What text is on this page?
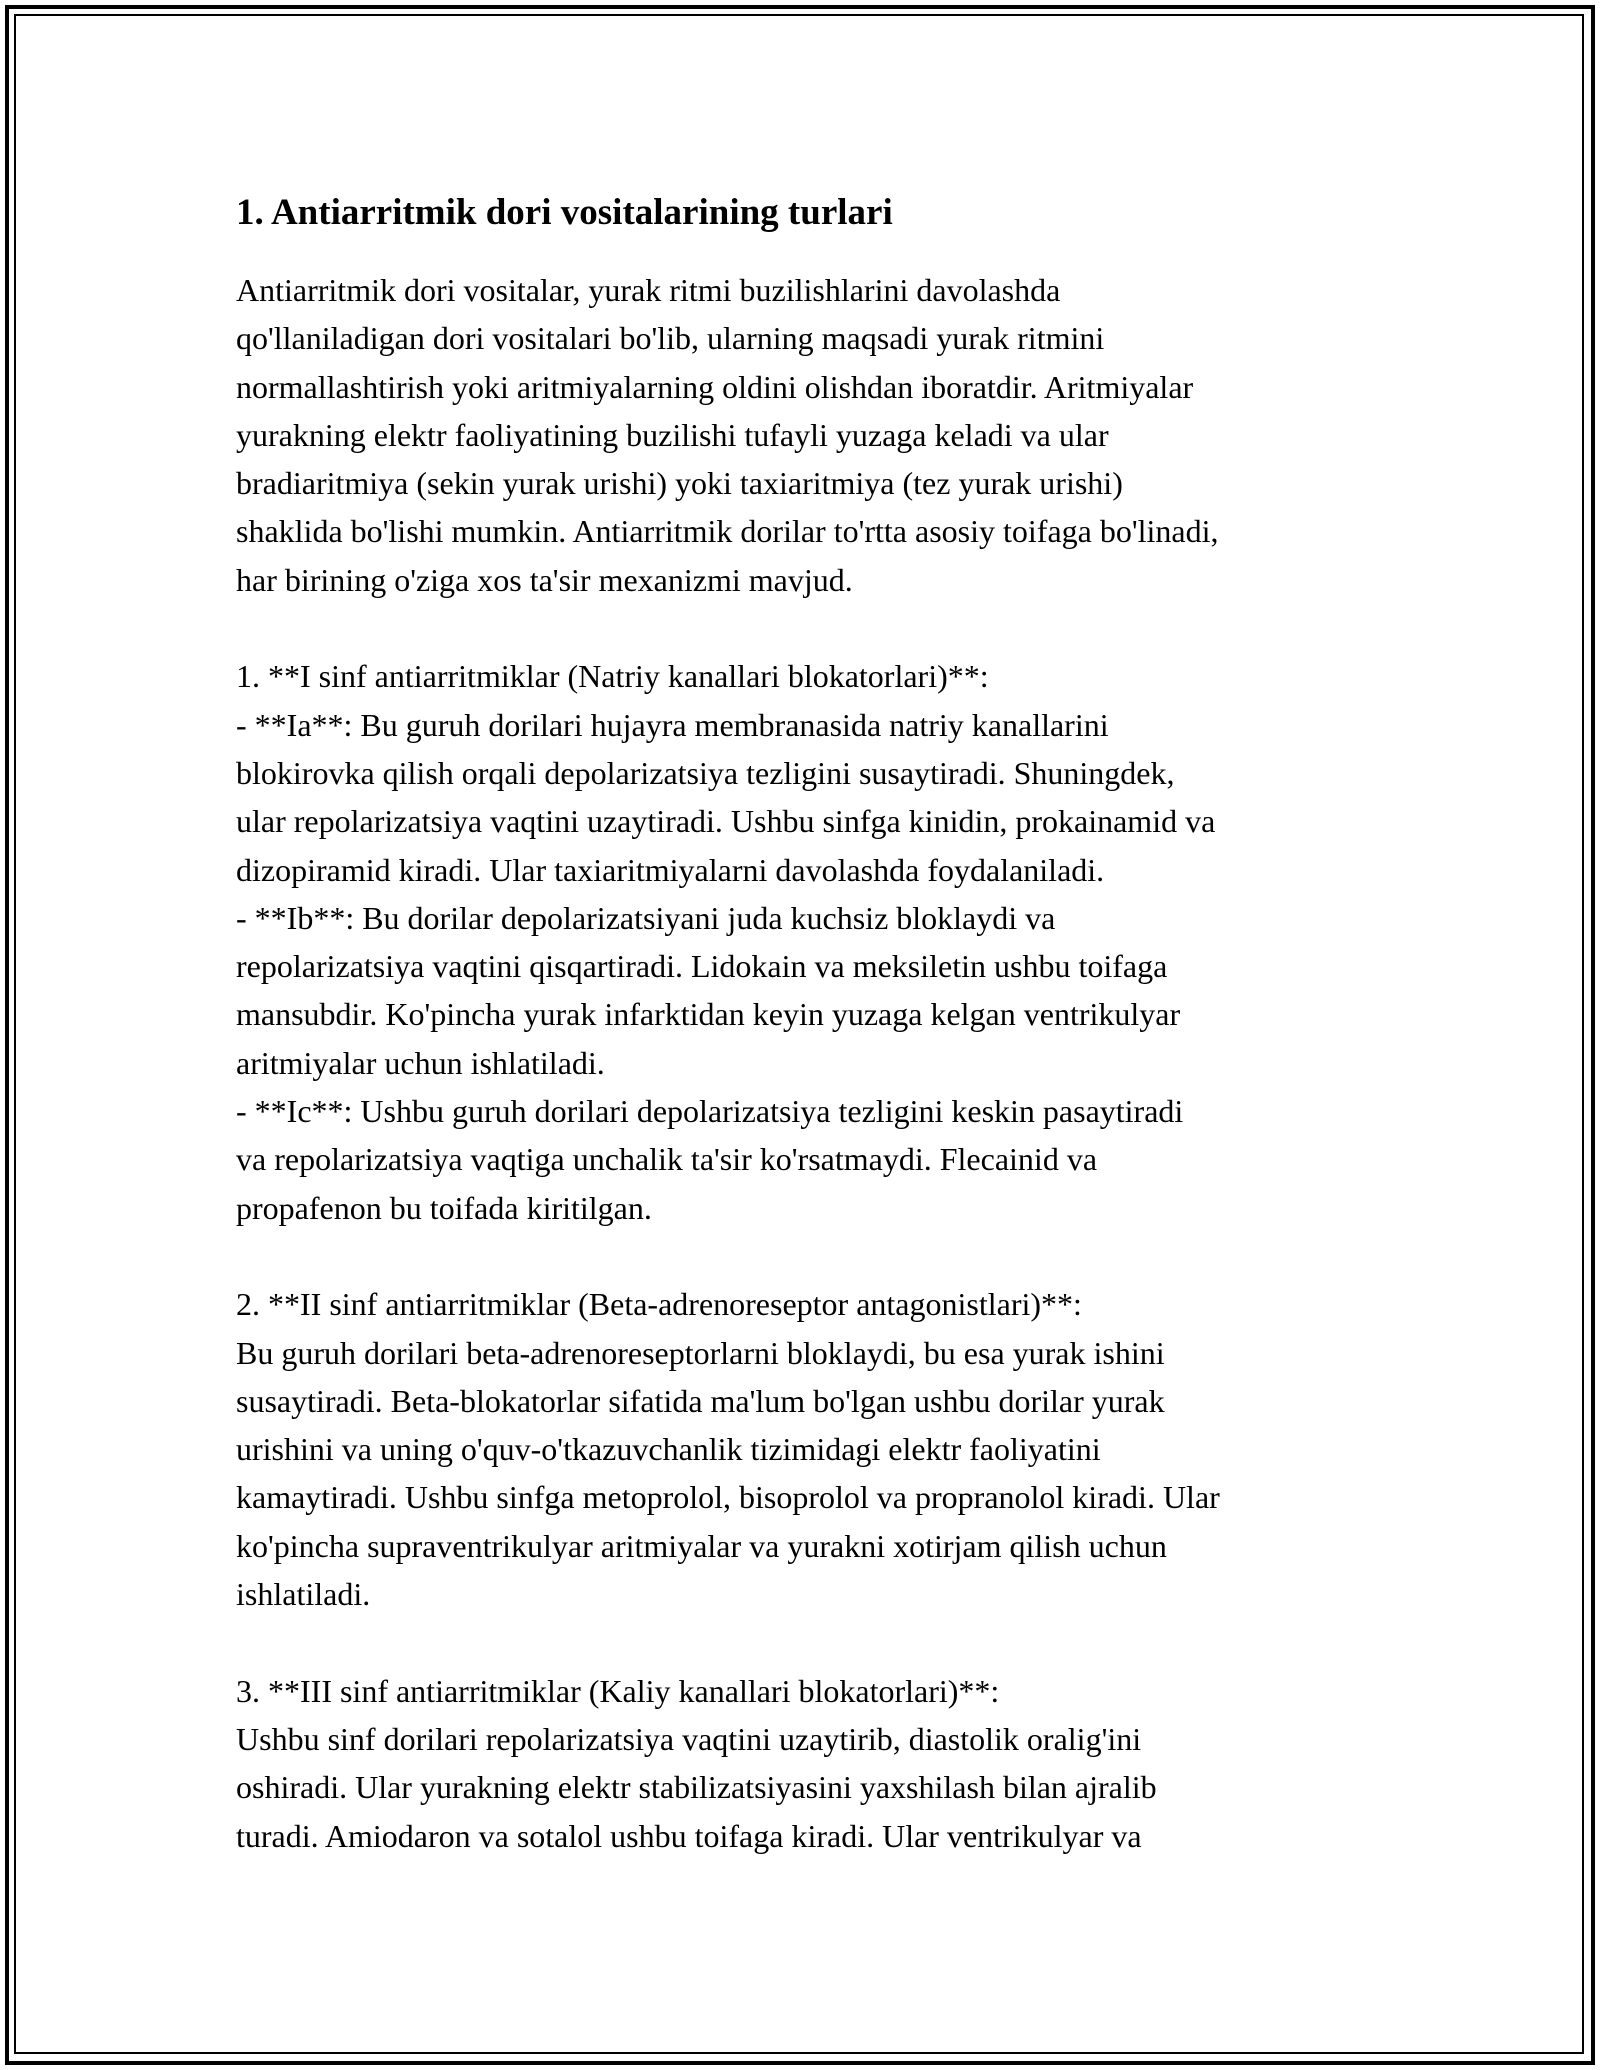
1. Antiarritmik dori vositalarining turlari

Antiarritmik dori vositalar, yurak ritmi buzilishlarini davolashda
qo'llaniladigan dori vositalari bo'lib, ularning maqsadi yurak ritmini
normallashtirish yoki aritmiyalarning oldini olishdan iboratdir. Aritmiyalar
yurakning elektr faoliyatining buzilishi tufayli yuzaga keladi va ular
bradiaritmiya (sekin yurak urishi) yoki taxiaritmiya (tez yurak urishi)
shaklida bo'lishi mumkin. Antiarritmik dorilar to'rtta asosiy toifaga bo'linadi,
har birining o'ziga xos ta'sir mexanizmi mavjud.

1. **I sinf antiarritmiklar (Natriy kanallari blokatorlari)**:
- **Ia**: Bu guruh dorilari hujayra membranasida natriy kanallarini
blokirovka qilish orqali depolarizatsiya tezligini susaytiradi. Shuningdek,
ular repolarizatsiya vaqtini uzaytiradi. Ushbu sinfga kinidin, prokainamid va
dizopiramid kiradi. Ular taxiaritmiyalarni davolashda foydalaniladi.
- **Ib**: Bu dorilar depolarizatsiyani juda kuchsiz bloklaydi va
repolarizatsiya vaqtini qisqartiradi. Lidokain va meksiletin ushbu toifaga
mansubdir. Ko'pincha yurak infarktidan keyin yuzaga kelgan ventrikulyar
aritmiyalar uchun ishlatiladi.
- **Ic**: Ushbu guruh dorilari depolarizatsiya tezligini keskin pasaytiradi
va repolarizatsiya vaqtiga unchalik ta'sir ko'rsatmaydi. Flecainid va
propafenon bu toifada kiritilgan.

2. **II sinf antiarritmiklar (Beta-adrenoreseptor antagonistlari)**:
Bu guruh dorilari beta-adrenoreseptorlarni bloklaydi, bu esa yurak ishini
susaytiradi. Beta-blokatorlar sifatida ma'lum bo'lgan ushbu dorilar yurak
urishini va uning o'quv-o'tkazuvchanlik tizimidagi elektr faoliyatini
kamaytiradi. Ushbu sinfga metoprolol, bisoprolol va propranolol kiradi. Ular
ko'pincha supraventrikulyar aritmiyalar va yurakni xotirjam qilish uchun
ishlatiladi.

3. **III sinf antiarritmiklar (Kaliy kanallari blokatorlari)**:
Ushbu sinf dorilari repolarizatsiya vaqtini uzaytirib, diastolik oralig'ini
oshiradi. Ular yurakning elektr stabilizatsiyasini yaxshilash bilan ajralib
turadi. Amiodaron va sotalol ushbu toifaga kiradi. Ular ventrikulyar va
